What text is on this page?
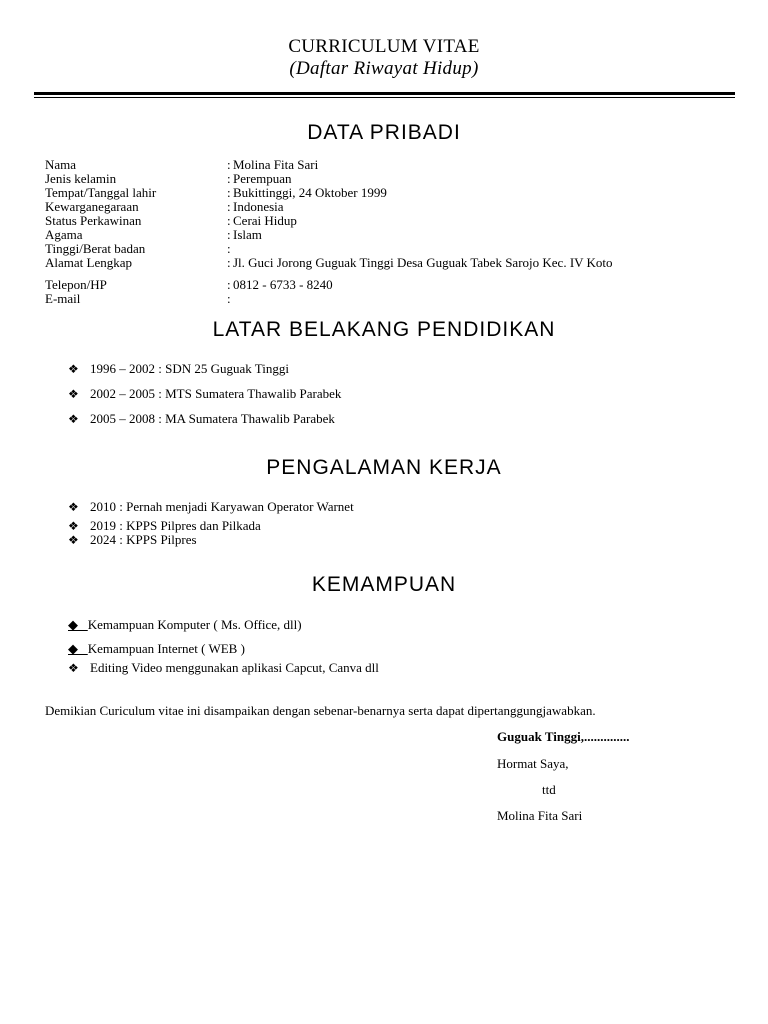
CURRICULUM VITAE
(Daftar Riwayat Hidup)
DATA PRIBADI
Nama	: Molina Fita Sari
Jenis kelamin	: Perempuan
Tempat/Tanggal lahir	: Bukittinggi, 24 Oktober 1999
Kewarganegaraan	: Indonesia
Status Perkawinan	: Cerai Hidup
Agama	: Islam
Tinggi/Berat badan	:
Alamat Lengkap	: Jl. Guci Jorong Guguak Tinggi Desa Guguak Tabek Sarojo Kec. IV Koto
Telepon/HP	: 0812 - 6733 - 8240
E-mail	:
LATAR BELAKANG PENDIDIKAN
❖ 1996 – 2002 : SDN 25 Guguak Tinggi
❖ 2002 – 2005 : MTS Sumatera Thawalib Parabek
❖ 2005 – 2008 : MA Sumatera Thawalib Parabek
PENGALAMAN KERJA
❖ 2010 : Pernah menjadi Karyawan Operator Warnet
❖ 2019 : KPPS Pilpres dan Pilkada
❖ 2024 : KPPS Pilpres
KEMAMPUAN
◆   Kemampuan Komputer ( Ms. Office, dll)
◆   Kemampuan Internet ( WEB )
❖ Editing Video menggunakan aplikasi Capcut, Canva dll
Demikian Curiculum vitae ini disampaikan dengan sebenar-benarnya serta dapat dipertanggungjawabkan.
Guguak Tinggi,..............
Hormat Saya,
ttd
Molina Fita Sari
